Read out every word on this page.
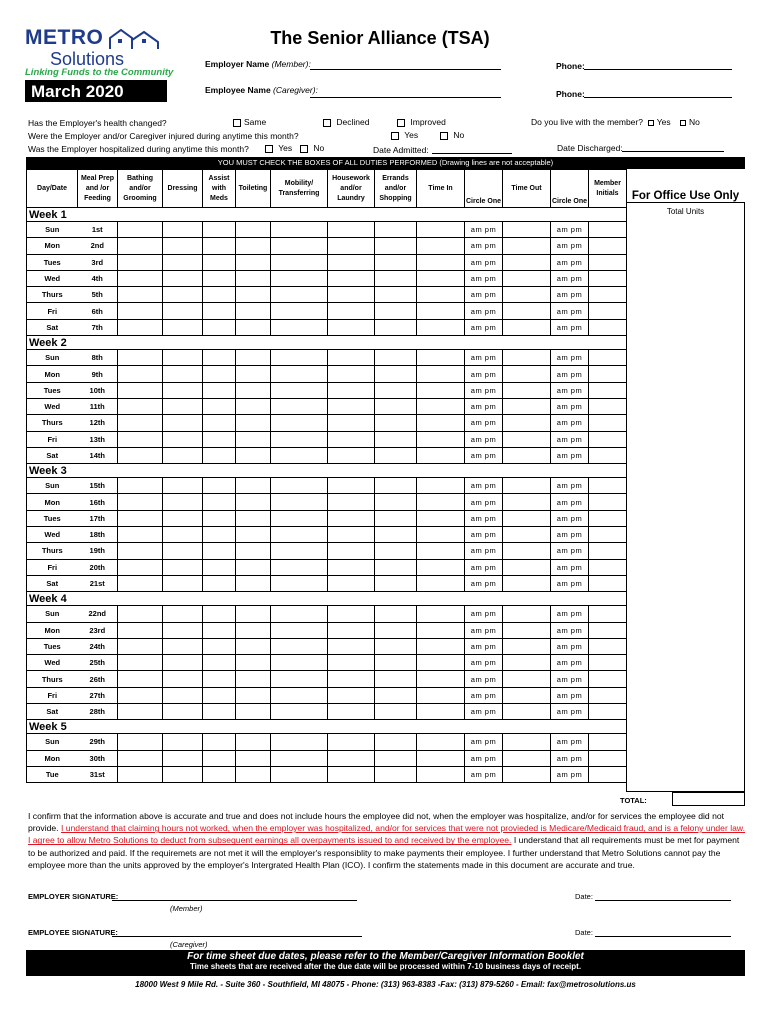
METRO
Solutions
Linking Funds to the Community
March 2020
The Senior Alliance (TSA)
Employer Name (Member):	Phone:
Employee Name (Caregiver):	Phone:
Has the Employer's health changed?	Same	Declined	Improved	Do you live with the member? Yes No
Were the Employer and/or Caregiver injured during anytime this month?	Yes	No
Was the Employer hospitalized during anytime this month?	Yes	No	Date Admitted:	Date Discharged:
YOU MUST CHECK THE BOXES OF ALL DUTIES PERFORMED (Drawing lines are not acceptable)
For Office Use Only
Total Units
Day/Date	Meal Prep and /or Feeding	Bathing and/or Grooming	Dressing	Assist with Meds	Toileting	Mobility/ Transferring	Housework and/or Laundry	Errands and/or Shopping	Time In	Circle One	Time Out	Circle One	Member Initials
Week 1													
Sun	1st									am pm		am pm	
Mon	2nd									am pm		am pm	
Tues	3rd									am pm		am pm	
Wed	4th									am pm		am pm	
Thurs	5th									am pm		am pm	
Fri	6th									am pm		am pm	
Sat	7th									am pm		am pm	
Week 2													
Sun	8th									am pm		am pm	
Mon	9th									am pm		am pm	
Tues	10th									am pm		am pm	
Wed	11th									am pm		am pm	
Thurs	12th									am pm		am pm	
Fri	13th									am pm		am pm	
Sat	14th									am pm		am pm	
Week 3													
Sun	15th									am pm		am pm	
Mon	16th									am pm		am pm	
Tues	17th									am pm		am pm	
Wed	18th									am pm		am pm	
Thurs	19th									am pm		am pm	
Fri	20th									am pm		am pm	
Sat	21st									am pm		am pm	
Week 4													
Sun	22nd									am pm		am pm	
Mon	23rd									am pm		am pm	
Tues	24th									am pm		am pm	
Wed	25th									am pm		am pm	
Thurs	26th									am pm		am pm	
Fri	27th									am pm		am pm	
Sat	28th									am pm		am pm	
Week 5													
Sun	29th									am pm		am pm	
Mon	30th									am pm		am pm	
Tue	31st									am pm		am pm	
TOTAL:
I confirm that the information above is accurate and true and does not include hours the employee did not, when the employer was hospitalize, and/or for services the employee did not provide. I understand that claiming hours not worked, when the employer was hospitalized, and/or for services that were not provieded is Medicare/Medicaid fraud, and is a felony under law. I agree to allow Metro Solutions to deduct from subsequent earnings all overpayments issued to and received by the employee. I understand that all requirements must be met for payment to be authorized and paid. If the requiremets are not met it will the employer's responsiblity to make payments their employee. I further understand that Metro Solutions cannot pay the employee more than the units approved by the employer's Intergrated Health Plan (ICO). I confirm the statements made in this document are accurate and true.
EMPLOYER SIGNATURE:
(Member)
Date:
EMPLOYEE SIGNATURE:
(Caregiver)
Date:
For time sheet due dates, please refer to the Member/Caregiver Information Booklet
Time sheets that are received after the due date will be processed within 7-10 business days of receipt.
18000 West 9 Mile Rd. - Suite 360 - Southfield, MI 48075 - Phone: (313) 963-8383 -Fax: (313) 879-5260 - Email: fax@metrosolutions.us
